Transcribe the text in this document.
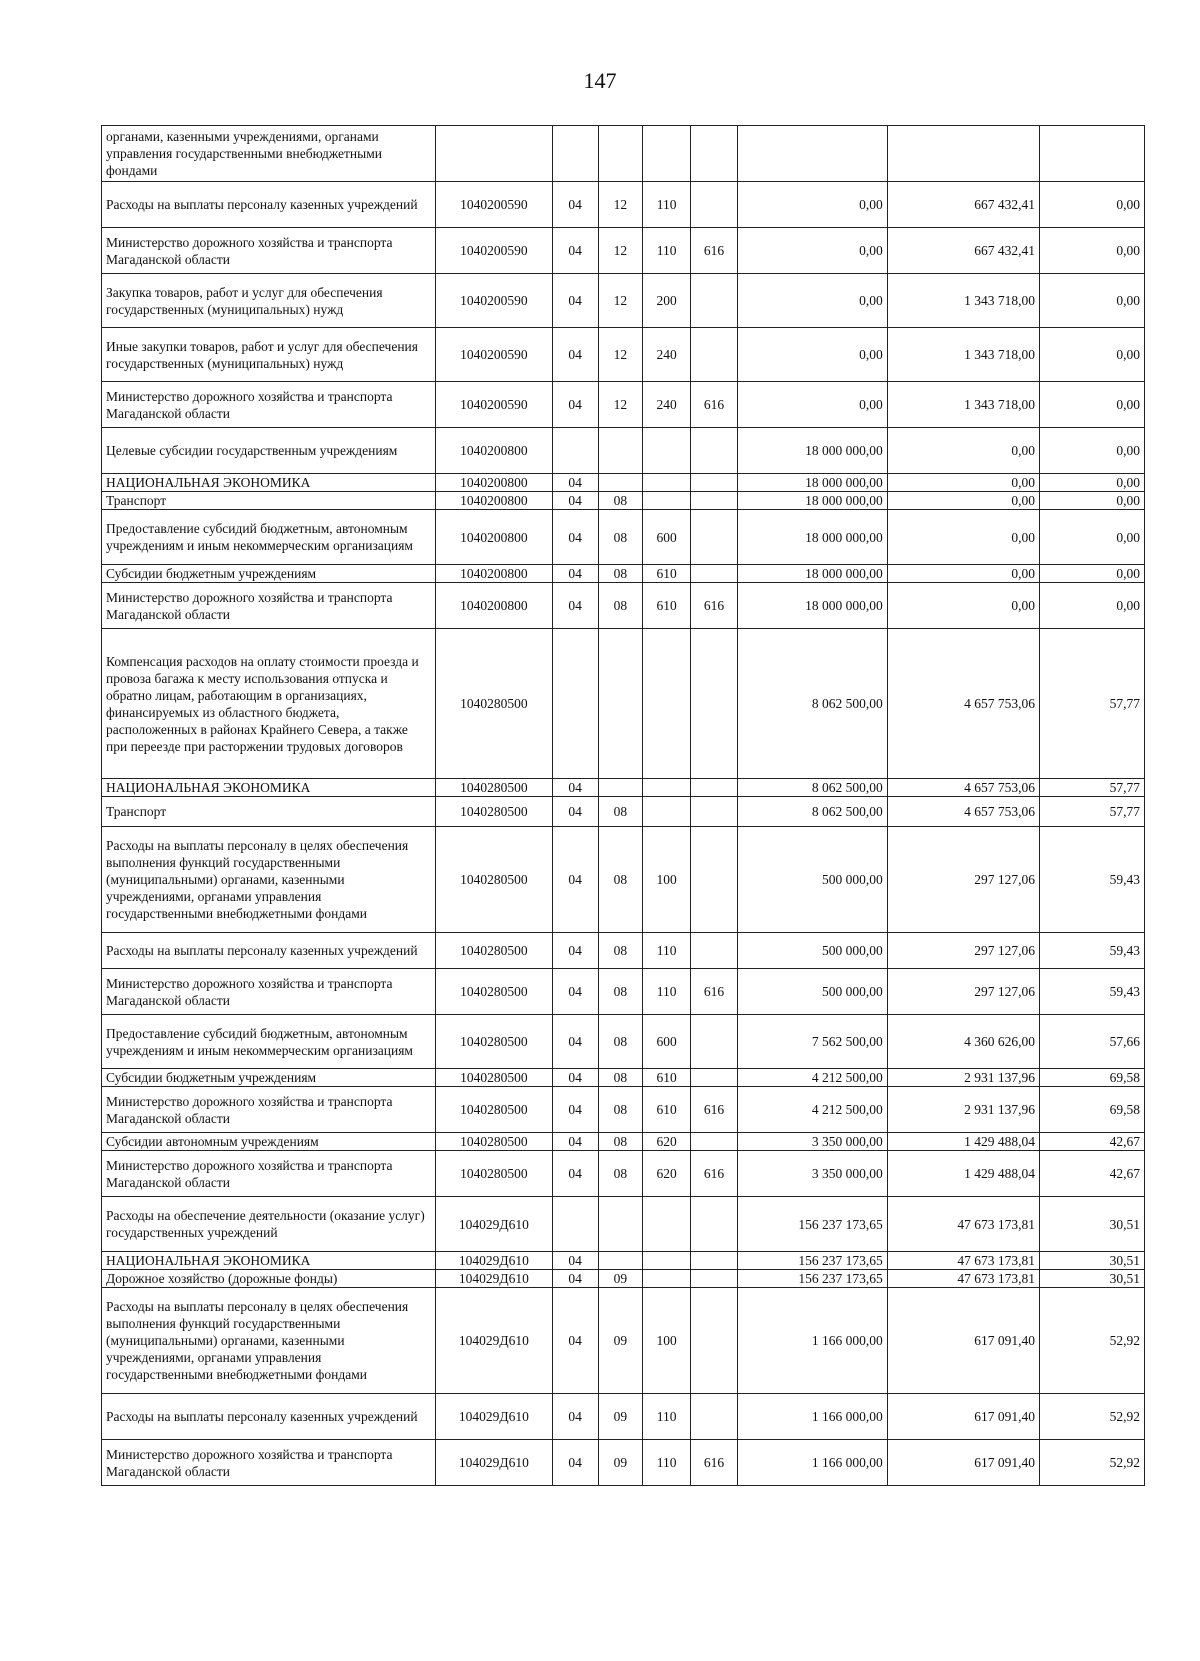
147
органами, казенными учреждениями, органами управления государственными внебюджетными фондами								
Расходы на выплаты персоналу казенных учреждений	1040200590	04	12	110		0,00	667 432,41	0,00
Министерство дорожного хозяйства и транспорта Магаданской области	1040200590	04	12	110	616	0,00	667 432,41	0,00
Закупка товаров, работ и услуг для обеспечения государственных (муниципальных) нужд	1040200590	04	12	200		0,00	1 343 718,00	0,00
Иные закупки товаров, работ и услуг для обеспечения государственных (муниципальных) нужд	1040200590	04	12	240		0,00	1 343 718,00	0,00
Министерство дорожного хозяйства и транспорта Магаданской области	1040200590	04	12	240	616	0,00	1 343 718,00	0,00
Целевые субсидии государственным учреждениям	1040200800					18 000 000,00	0,00	0,00
НАЦИОНАЛЬНАЯ ЭКОНОМИКА	1040200800	04				18 000 000,00	0,00	0,00
Транспорт	1040200800	04	08			18 000 000,00	0,00	0,00
Предоставление субсидий бюджетным, автономным учреждениям и иным некоммерческим организациям	1040200800	04	08	600		18 000 000,00	0,00	0,00
Субсидии бюджетным учреждениям	1040200800	04	08	610		18 000 000,00	0,00	0,00
Министерство дорожного хозяйства и транспорта Магаданской области	1040200800	04	08	610	616	18 000 000,00	0,00	0,00
Компенсация расходов на оплату стоимости проезда и провоза багажа к месту использования отпуска и обратно лицам, работающим в организациях, финансируемых из областного бюджета, расположенных в районах Крайнего Севера, а также при переезде при расторжении трудовых договоров	1040280500					8 062 500,00	4 657 753,06	57,77
НАЦИОНАЛЬНАЯ ЭКОНОМИКА	1040280500	04				8 062 500,00	4 657 753,06	57,77
Транспорт	1040280500	04	08			8 062 500,00	4 657 753,06	57,77
Расходы на выплаты персоналу в целях обеспечения выполнения функций государственными (муниципальными) органами, казенными учреждениями, органами управления государственными внебюджетными фондами	1040280500	04	08	100		500 000,00	297 127,06	59,43
Расходы на выплаты персоналу казенных учреждений	1040280500	04	08	110		500 000,00	297 127,06	59,43
Министерство дорожного хозяйства и транспорта Магаданской области	1040280500	04	08	110	616	500 000,00	297 127,06	59,43
Предоставление субсидий бюджетным, автономным учреждениям и иным некоммерческим организациям	1040280500	04	08	600		7 562 500,00	4 360 626,00	57,66
Субсидии бюджетным учреждениям	1040280500	04	08	610		4 212 500,00	2 931 137,96	69,58
Министерство дорожного хозяйства и транспорта Магаданской области	1040280500	04	08	610	616	4 212 500,00	2 931 137,96	69,58
Субсидии автономным учреждениям	1040280500	04	08	620		3 350 000,00	1 429 488,04	42,67
Министерство дорожного хозяйства и транспорта Магаданской области	1040280500	04	08	620	616	3 350 000,00	1 429 488,04	42,67
Расходы на обеспечение деятельности (оказание услуг) государственных учреждений	104029Д610					156 237 173,65	47 673 173,81	30,51
НАЦИОНАЛЬНАЯ ЭКОНОМИКА	104029Д610	04				156 237 173,65	47 673 173,81	30,51
Дорожное хозяйство (дорожные фонды)	104029Д610	04	09			156 237 173,65	47 673 173,81	30,51
Расходы на выплаты персоналу в целях обеспечения выполнения функций государственными (муниципальными) органами, казенными учреждениями, органами управления государственными внебюджетными фондами	104029Д610	04	09	100		1 166 000,00	617 091,40	52,92
Расходы на выплаты персоналу казенных учреждений	104029Д610	04	09	110		1 166 000,00	617 091,40	52,92
Министерство дорожного хозяйства и транспорта Магаданской области	104029Д610	04	09	110	616	1 166 000,00	617 091,40	52,92
